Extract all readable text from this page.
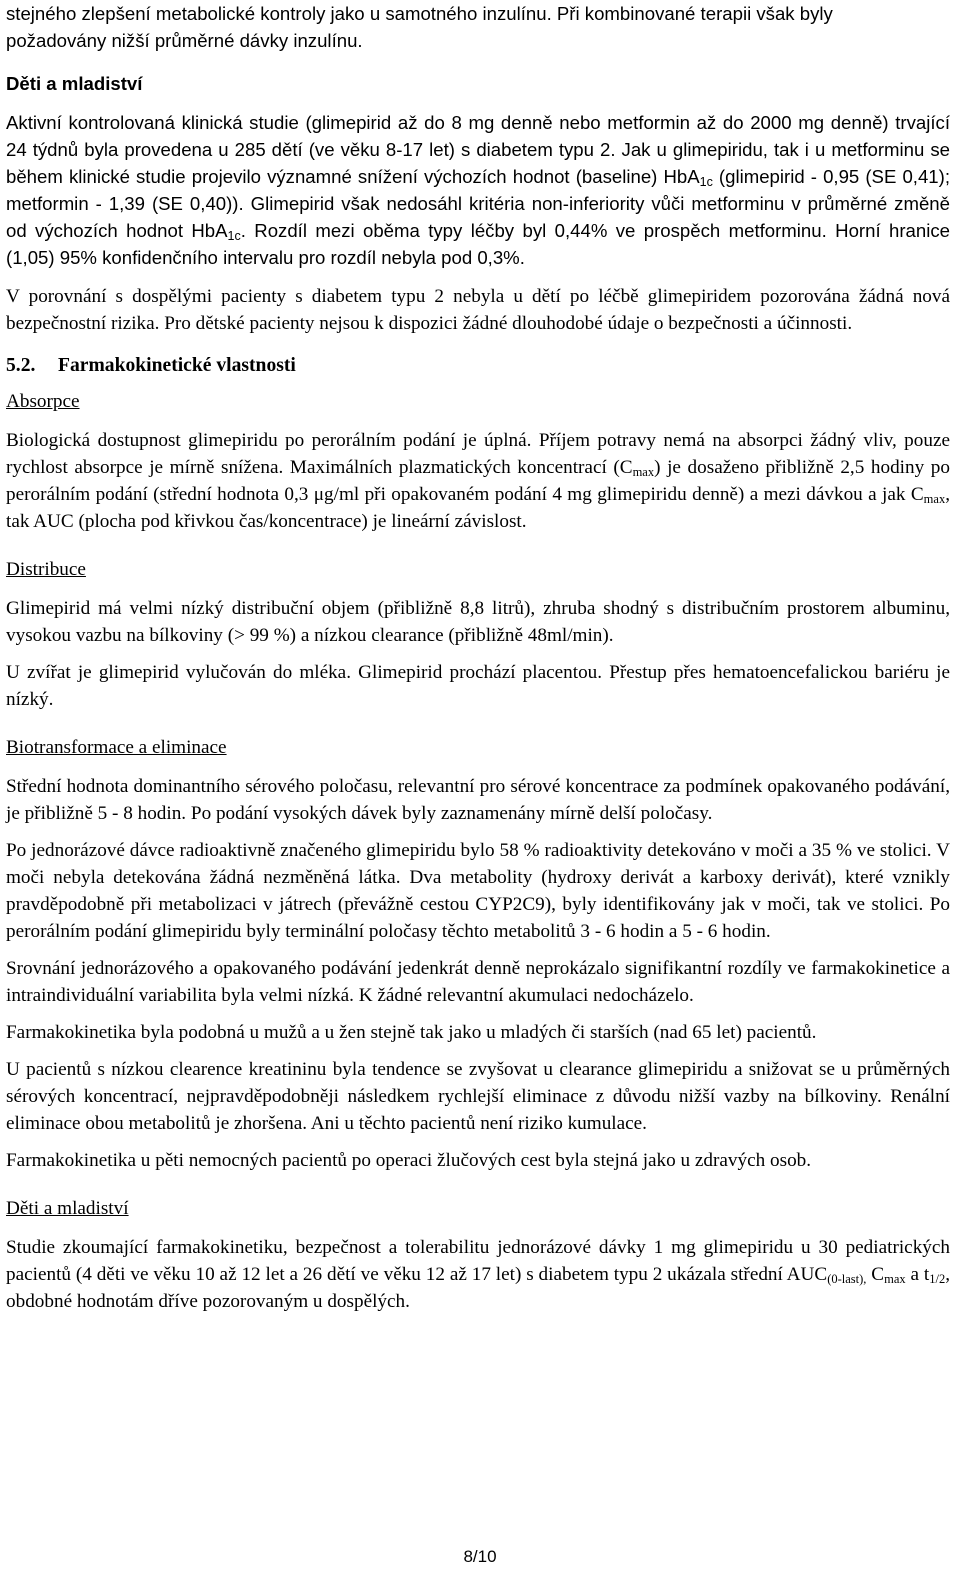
stejného zlepšení metabolické kontroly jako u samotného inzulínu. Při kombinované terapii však byly
požadovány nižší průměrné dávky inzulínu.

Děti a mladiství

Aktivní kontrolovaná klinická studie (glimepirid až do 8 mg denně nebo metformin až do 2000 mg denně) trvající 24 týdnů byla provedena u 285 dětí (ve věku 8-17 let) s diabetem typu 2. Jak u glimepiridu, tak i u metforminu se během klinické studie projevilo významné snížení výchozích hodnot (baseline) HbA$_{1c}$ (glimepirid - 0,95 (SE 0,41); metformin - 1,39 (SE 0,40)). Glimepirid však nedosáhl kritéria non-inferiority vůči metforminu v průměrné změně od výchozích hodnot HbA$_{1c}$. Rozdíl mezi oběma typy léčby byl 0,44% ve prospěch metforminu. Horní hranice (1,05) 95% konfidenčního intervalu pro rozdíl nebyla pod 0,3%.

V porovnání s dospělými pacienty s diabetem typu 2 nebyla u dětí po léčbě glimepiridem pozorována žádná nová bezpečnostní rizika. Pro dětské pacienty nejsou k dispozici žádné dlouhodobé údaje o bezpečnosti a účinnosti.

5.2. Farmakokinetické vlastnosti
Absorpce

Biologická dostupnost glimepiridu po perorálním podání je úplná. Příjem potravy nemá na absorpci žádný vliv, pouze rychlost absorpce je mírně snížena. Maximálních plazmatických koncentrací $(C_{max})$ je dosaženo přibližně 2,5 hodiny po perorálním podání (střední hodnota 0,3 μg/ml při opakovaném podání 4 mg glimepiridu denně) a mezi dávkou a jak $C_{max}$, tak AUC (plocha pod křivkou čas/koncentrace) je lineární závislost.

Distribuce

Glimepirid má velmi nízký distribuční objem (přibližně 8,8 litrů), zhruba shodný s distribučním prostorem albuminu, vysokou vazbu na bílkoviny (> 99 %) a nízkou clearance (přibližně 48ml/min).

U zvířat je glimepirid vylučován do mléka. Glimepirid prochází placentou. Přestup přes hematoencefalickou bariéru je nízký.

Biotransformace a eliminace

Střední hodnota dominantního sérového poločasu, relevantní pro sérové koncentrace za podmínek opakovaného podávání, je přibližně 5 - 8 hodin. Po podání vysokých dávek byly zaznamenány mírně delší poločasy.

Po jednorázové dávce radioaktivně značeného glimepiridu bylo 58 % radioaktivity detekováno v moči a 35 % ve stolici. V moči nebyla detekována žádná nezměněná látka. Dva metabolity (hydroxy derivát a karboxy derivát), které vznikly pravděpodobně při metabolizaci v játrech (převážně cestou CYP2C9), byly identifikovány jak v moči, tak ve stolici. Po perorálním podání glimepiridu byly terminální poločasy těchto metabolitů 3 - 6 hodin a 5 - 6 hodin.

Srovnání jednorázového a opakovaného podávání jedenkrát denně neprokázalo signifikantní rozdíly ve farmakokinetice a intraindividuální variabilita byla velmi nízká. K žádné relevantní akumulaci nedocházelo.

Farmakokinetika byla podobná u mužů a u žen stejně tak jako u mladých či starších (nad 65 let) pacientů.

U pacientů s nízkou clearence kreatininu byla tendence se zvyšovat u clearance glimepiridu a snižovat se u průměrných sérových koncentrací, nejpravděpodobněji následkem rychlejší eliminace z důvodu nižší vazby na bílkoviny. Renální eliminace obou metabolitů je zhoršena. Ani u těchto pacientů není riziko kumulace.

Farmakokinetika u pěti nemocných pacientů po operaci žlučových cest byla stejná jako u zdravých osob.

Děti a mladiství

Studie zkoumající farmakokinetiku, bezpečnost a tolerabilitu jednorázové dávky 1 mg glimepiridu u 30 pediatrických pacientů (4 děti ve věku 10 až 12 let a 26 dětí ve věku 12 až 17 let) s diabetem typu 2 ukázala střední $AUC_{(0-last),}$ $C_{max}$ a $t_{1/2}$, obdobné hodnotám dříve pozorovaným u dospělých.

8/10
